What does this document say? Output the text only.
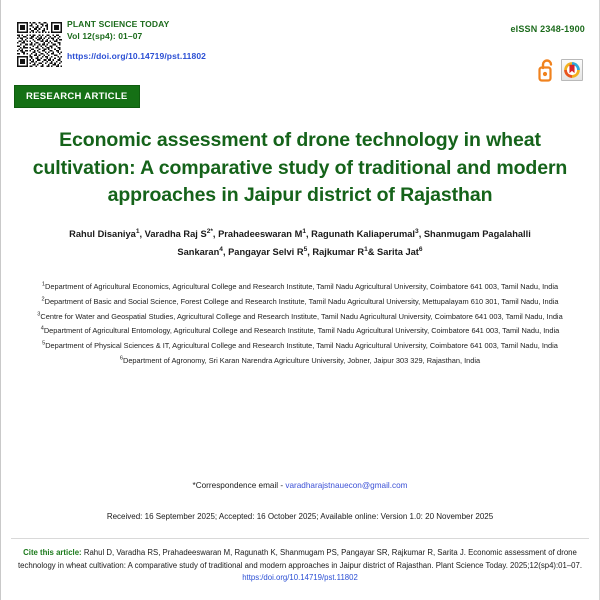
PLANT SCIENCE TODAY
Vol 12(sp4): 01–07
https://doi.org/10.14719/pst.11802
eISSN 2348-1900
RESEARCH ARTICLE
Economic assessment of drone technology in wheat cultivation: A comparative study of traditional and modern approaches in Jaipur district of Rajasthan
Rahul Disaniya$^1$, Varadha Raj $S^{2*}$, Prahadeeswaran $M^1$, Ragunath Kaliaperumal$^3$, Shanmugam Pagalahalli
Sankaran$^4$, Pangayar Selvi $R^5$, Rajkumar $R^1\&$ Sarita Jat$^6$
$^1$Department of Agricultural Economics, Agricultural College and Research Institute, Tamil Nadu Agricultural University, Coimbatore 641 003, Tamil Nadu, India
$^2$Department of Basic and Social Science, Forest College and Research Institute, Tamil Nadu Agricultural University, Mettupalayam 610 301, Tamil Nadu, India
$^3$Centre for Water and Geospatial Studies, Agricultural College and Research Institute, Tamil Nadu Agricultural University, Coimbatore 641 003, Tamil Nadu, India
$^4$Department of Agricultural Entomology, Agricultural College and Research Institute, Tamil Nadu Agricultural University, Coimbatore 641 003, Tamil Nadu, India
$^5$Department of Physical Sciences & IT, Agricultural College and Research Institute, Tamil Nadu Agricultural University, Coimbatore 641 003, Tamil Nadu, India
$^6$Department of Agronomy, Sri Karan Narendra Agriculture University, Jobner, Jaipur 303 329, Rajasthan, India
*Correspondence email - varadharajstnauecon@gmail.com
Received: 16 September 2025; Accepted: 16 October 2025; Available online: Version 1.0: 20 November 2025
Cite this article: Rahul D, Varadha RS, Prahadeeswaran M, Ragunath K, Shanmugam PS, Pangayar SR, Rajkumar R, Sarita J. Economic assessment of drone technology in wheat cultivation: A comparative study of traditional and modern approaches in Jaipur district of Rajasthan. Plant Science Today. 2025;12(sp4):01–07. https:/doi.org/10.14719/pst.11802
